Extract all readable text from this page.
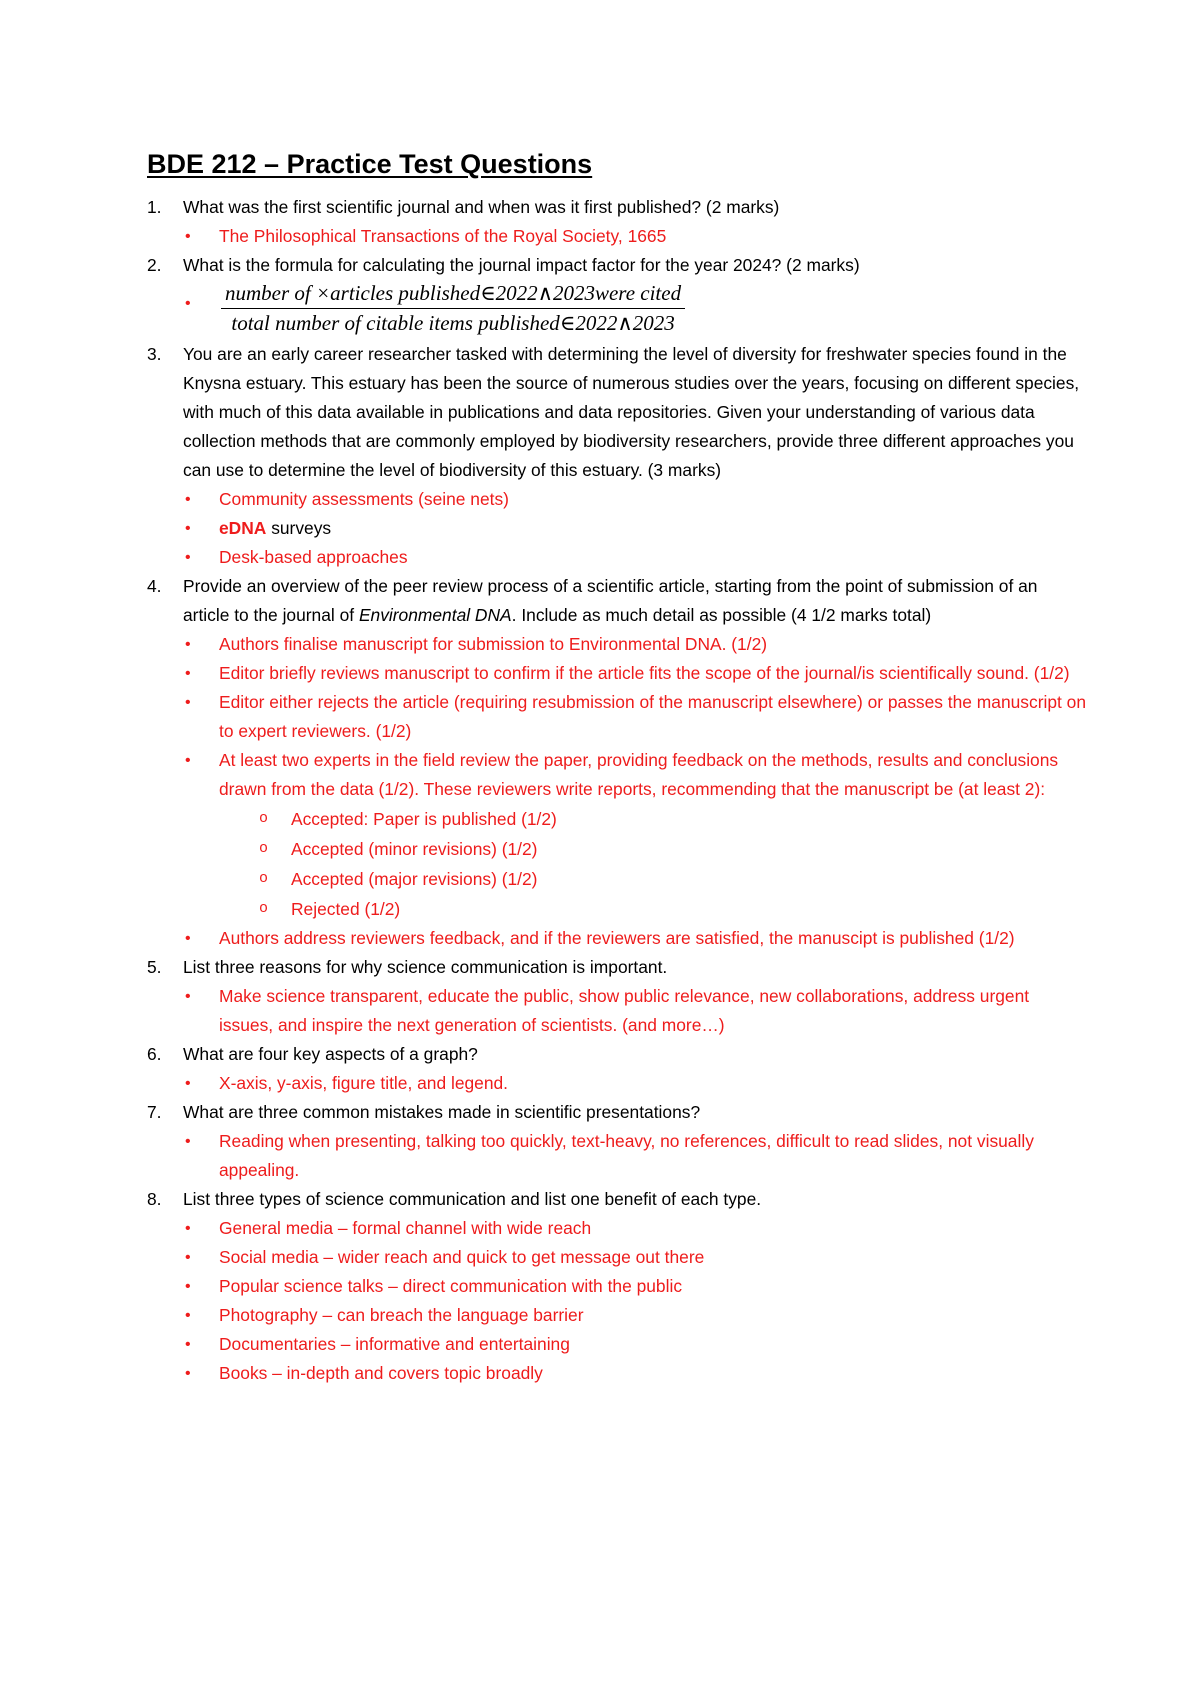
BDE 212 – Practice Test Questions
1. What was the first scientific journal and when was it first published? (2 marks)
• The Philosophical Transactions of the Royal Society, 1665
2. What is the formula for calculating the journal impact factor for the year 2024? (2 marks)
• number of ×articles published∈2022∧2023were cited
total number of citable items published∈2022∧2023
3. You are an early career researcher tasked with determining the level of diversity for freshwater species found in the Knysna estuary. This estuary has been the source of numerous studies over the years, focusing on different species, with much of this data available in publications and data repositories. Given your understanding of various data collection methods that are commonly employed by biodiversity researchers, provide three different approaches you can use to determine the level of biodiversity of this estuary. (3 marks)
• Community assessments (seine nets)
• eDNA surveys
• Desk-based approaches
4. Provide an overview of the peer review process of a scientific article, starting from the point of submission of an article to the journal of Environmental DNA. Include as much detail as possible (4 1/2 marks total)
• Authors finalise manuscript for submission to Environmental DNA. (1/2)
• Editor briefly reviews manuscript to confirm if the article fits the scope of the journal/is scientifically sound. (1/2)
• Editor either rejects the article (requiring resubmission of the manuscript elsewhere) or passes the manuscript on to expert reviewers. (1/2)
• At least two experts in the field review the paper, providing feedback on the methods, results and conclusions drawn from the data (1/2). These reviewers write reports, recommending that the manuscript be (at least 2):
o Accepted: Paper is published (1/2)
o Accepted (minor revisions) (1/2)
o Accepted (major revisions) (1/2)
o Rejected (1/2)
• Authors address reviewers feedback, and if the reviewers are satisfied, the manuscipt is published (1/2)
5. List three reasons for why science communication is important.
• Make science transparent, educate the public, show public relevance, new collaborations, address urgent issues, and inspire the next generation of scientists. (and more…)
6. What are four key aspects of a graph?
• X-axis, y-axis, figure title, and legend.
7. What are three common mistakes made in scientific presentations?
• Reading when presenting, talking too quickly, text-heavy, no references, difficult to read slides, not visually appealing.
8. List three types of science communication and list one benefit of each type.
• General media – formal channel with wide reach
• Social media – wider reach and quick to get message out there
• Popular science talks – direct communication with the public
• Photography – can breach the language barrier
• Documentaries – informative and entertaining
• Books – in-depth and covers topic broadly
